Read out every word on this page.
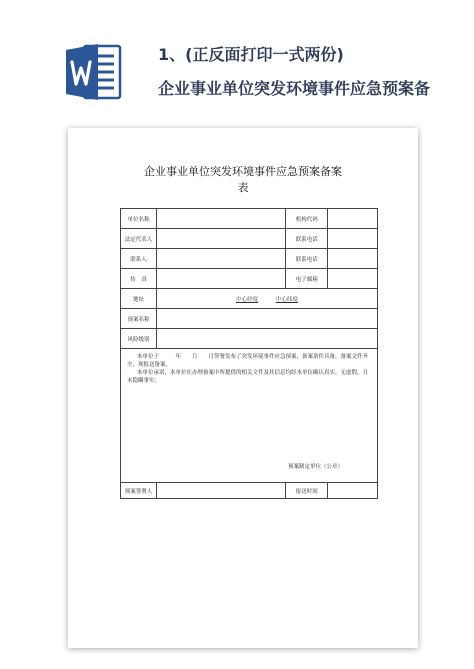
1、(正反面打印一式两份)
企业事业单位突发环境事件应急预案备
企业事业单位突发环境事件应急预案备案
表
单位名称		机构代码	
法定代表人		联系电话	
联系人		联系电话	
传　真		电子邮箱	
地址	中心经度 中心纬度		
预案名称			
风险级别			

本单位于　　　年　　月　　日签署发布了突发环境事件应急预案，备案条件具备，备案文件齐全，现报送备案。

本单位承诺，本单位在办理备案中所提供的相关文件及其信息均经本单位确认真实，无虚假，且未隐瞒事实。

预案制定单位（公章）			

预案签署人		报送时间	
